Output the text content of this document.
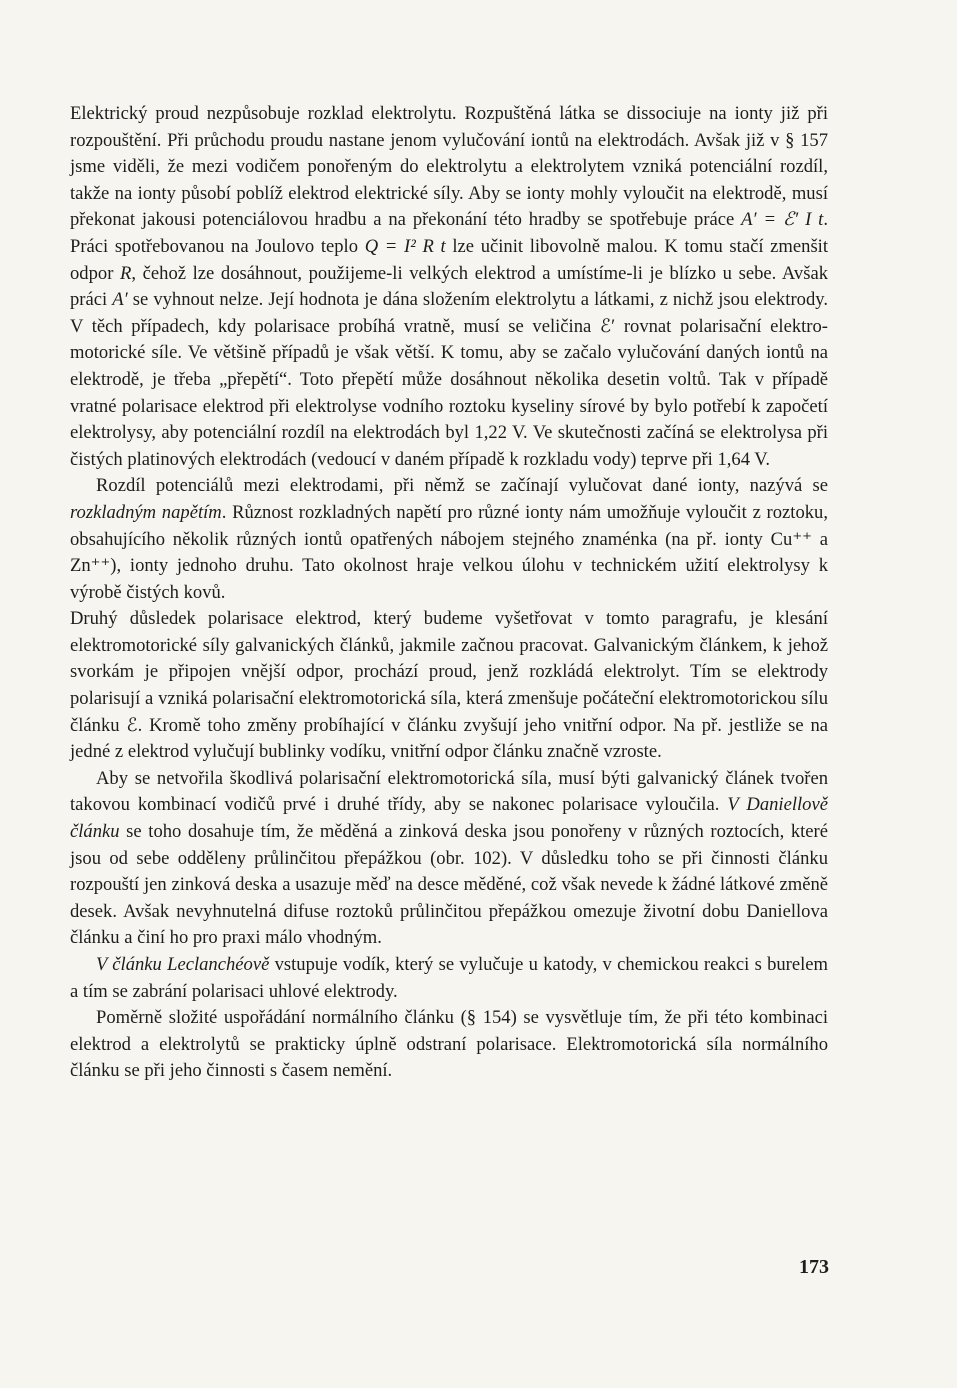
Elektrický proud nezpůsobuje rozklad elektrolytu. Rozpuštěná látka se dissociuje na ionty již při rozpouštění. Při průchodu proudu nastane jenom vylučování iontů na elektrodách. Avšak již v § 157 jsme viděli, že mezi vodičem ponořeným do elektrolytu a elektrolytem vzniká potenciální rozdíl, takže na ionty působí poblíž elektrod elektrické síly. Aby se ionty mohly vyloučit na elektrodě, musí překonat jakousi potenciálovou hradbu a na překonání této hradby se spotřebuje práce A′ = ℰ′ I t. Práci spotřebovanou na Joulovo teplo Q = I² R t lze učinit libovolně malou. K tomu stačí zmenšit odpor R, čehož lze dosáhnout, použijeme-li velkých elektrod a umístíme-li je blízko u sebe. Avšak práci A′ se vyhnout nelze. Její hodnota je dána složením elektrolytu a látkami, z nichž jsou elektrody. V těch případech, kdy polarisace probíhá vratně, musí se veličina ℰ′ rovnat polarisační elektromotorické síle. Ve většině případů je však větší. K tomu, aby se začalo vylučování daných iontů na elektrodě, je třeba „přepětí“. Toto přepětí může dosáhnout několika desetin voltů. Tak v případě vratné polarisace elektrod při elektrolyse vodního roztoku kyseliny sírové by bylo potřebí k započetí elektrolysy, aby potenciální rozdíl na elektrodách byl 1,22 V. Ve skutečnosti začíná se elektrolysa při čistých platinových elektrodách (vedoucí v daném případě k rozkladu vody) teprve při 1,64 V.

Rozdíl potenciálů mezi elektrodami, při němž se začínají vylučovat dané ionty, nazývá se rozkladným napětím. Různost rozkladných napětí pro různé ionty nám umožňuje vyloučit z roztoku, obsahujícího několik různých iontů opatřených nábojem stejného znaménka (na př. ionty Cu⁺⁺ a Zn⁺⁺), ionty jednoho druhu. Tato okolnost hraje velkou úlohu v technickém užití elektrolysy k výrobě čistých kovů.

Druhý důsledek polarisace elektrod, který budeme vyšetřovat v tomto paragrafu, je klesání elektromotorické síly galvanických článků, jakmile začnou pracovat. Galvanickým článkem, k jehož svorkám je připojen vnější odpor, prochází proud, jenž rozkládá elektrolyt. Tím se elektrody polarisují a vzniká polarisační elektromotorická síla, která zmenšuje počáteční elektromotorickou sílu článku ℰ. Kromě toho změny probíhající v článku zvyšují jeho vnitřní odpor. Na př. jestliže se na jedné z elektrod vylučují bublinky vodíku, vnitřní odpor článku značně vzroste.

Aby se netvořila škodlivá polarisační elektromotorická síla, musí býti galvanický článek tvořen takovou kombinací vodičů prvé i druhé třídy, aby se nakonec polarisace vyloučila. V Daniellově článku se toho dosahuje tím, že měděná a zinková deska jsou ponořeny v různých roztocích, které jsou od sebe odděleny průlinčitou přepážkou (obr. 102). V důsledku toho se při činnosti článku rozpouští jen zinková deska a usazuje měď na desce měděné, což však nevede k žádné látkové změně desek. Avšak nevyhnutelná difuse roztoků průlinčitou přepážkou omezuje životní dobu Daniellova článku a činí ho pro praxi málo vhodným.

V článku Leclanchéově vstupuje vodík, který se vylučuje u katody, v chemickou reakci s burelem a tím se zabrání polarisaci uhlové elektrody.

Poměrně složité uspořádání normálního článku (§ 154) se vysvětluje tím, že při této kombinaci elektrod a elektrolytů se prakticky úplně odstraní polarisace. Elektromotorická síla normálního článku se při jeho činnosti s časem nemění.

173
